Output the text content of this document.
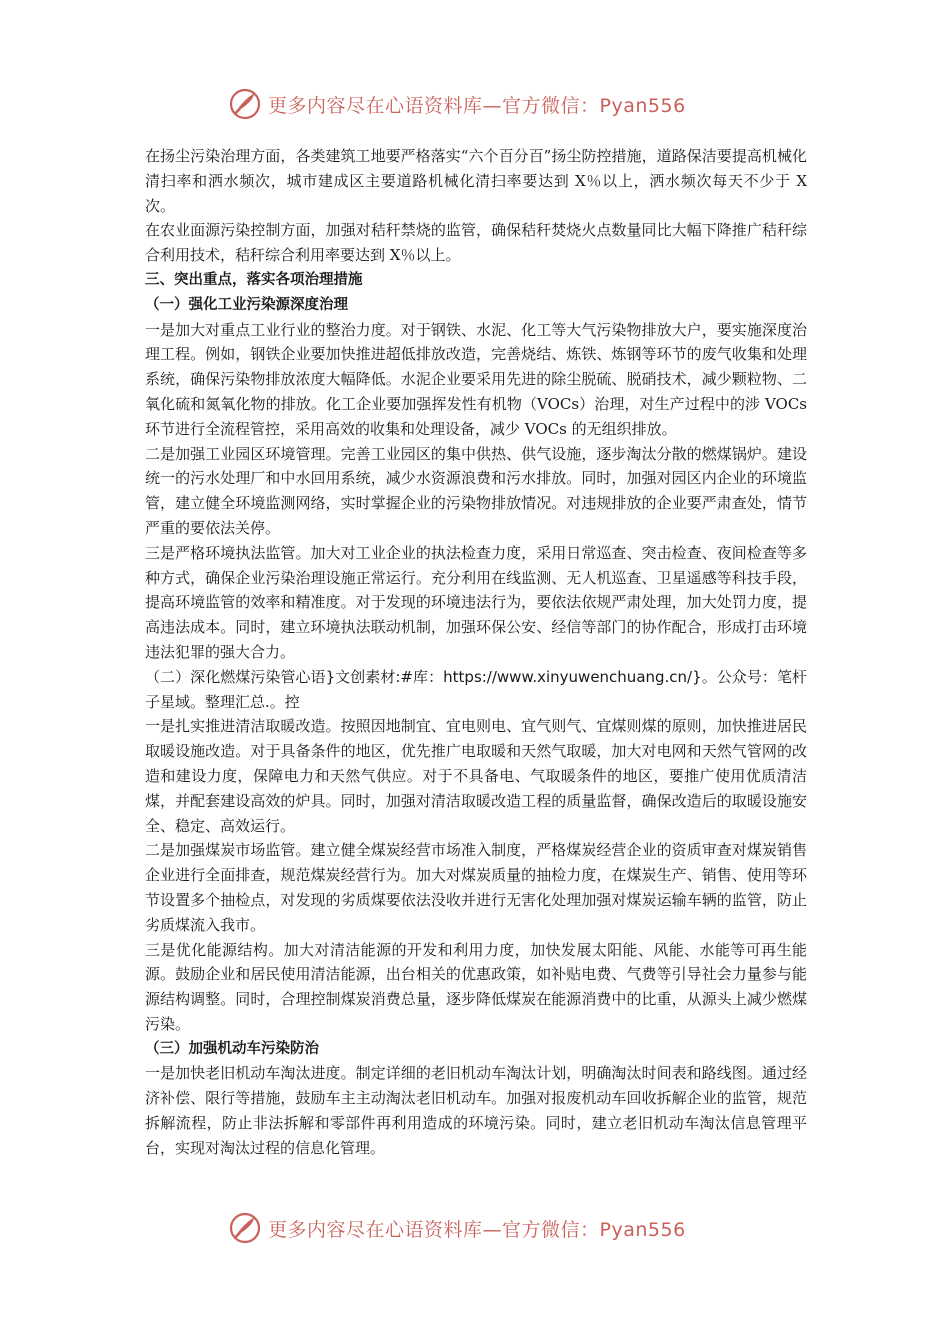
更多内容尽在心语资料库—官方微信：Pyan556

在扬尘污染治理方面，各类建筑工地要严格落实“六个百分百”扬尘防控措施，道路保洁要提高机械化清扫率和洒水频次，城市建成区主要道路机械化清扫率要达到 X％以上，洒水频次每天不少于 X 次。

在农业面源污染控制方面，加强对秸秆禁烧的监管，确保秸秆焚烧火点数量同比大幅下降推广秸秆综合利用技术，秸秆综合利用率要达到 X％以上。

三、突出重点，落实各项治理措施

（一）强化工业污染源深度治理

一是加大对重点工业行业的整治力度。对于钢铁、水泥、化工等大气污染物排放大户，要实施深度治理工程。例如，钢铁企业要加快推进超低排放改造，完善烧结、炼铁、炼钢等环节的废气收集和处理系统，确保污染物排放浓度大幅降低。水泥企业要采用先进的除尘脱硫、脱硝技术，减少颗粒物、二氧化硫和氮氧化物的排放。化工企业要加强挥发性有机物（VOCs）治理，对生产过程中的涉 VOCs 环节进行全流程管控，采用高效的收集和处理设备，减少 VOCs 的无组织排放。

二是加强工业园区环境管理。完善工业园区的集中供热、供气设施，逐步淘汰分散的燃煤锅炉。建设统一的污水处理厂和中水回用系统，减少水资源浪费和污水排放。同时，加强对园区内企业的环境监管，建立健全环境监测网络，实时掌握企业的污染物排放情况。对违规排放的企业要严肃查处，情节严重的要依法关停。

三是严格环境执法监管。加大对工业企业的执法检查力度，采用日常巡查、突击检查、夜间检查等多种方式，确保企业污染治理设施正常运行。充分利用在线监测、无人机巡查、卫星遥感等科技手段，提高环境监管的效率和精准度。对于发现的环境违法行为，要依法依规严肃处理，加大处罚力度，提高违法成本。同时，建立环境执法联动机制，加强环保公安、经信等部门的协作配合，形成打击环境违法犯罪的强大合力。

（二）深化燃煤污染管心语}文创素材:#库：https://www.xinyuwenchuang.cn/}。公众号：笔杆子星域。整理汇总.。控

一是扎实推进清洁取暖改造。按照因地制宜、宜电则电、宜气则气、宜煤则煤的原则，加快推进居民取暖设施改造。对于具备条件的地区，优先推广电取暖和天然气取暖，加大对电网和天然气管网的改造和建设力度，保障电力和天然气供应。对于不具备电、气取暖条件的地区，要推广使用优质清洁煤，并配套建设高效的炉具。同时，加强对清洁取暖改造工程的质量监督，确保改造后的取暖设施安全、稳定、高效运行。

二是加强煤炭市场监管。建立健全煤炭经营市场准入制度，严格煤炭经营企业的资质审查对煤炭销售企业进行全面排查，规范煤炭经营行为。加大对煤炭质量的抽检力度，在煤炭生产、销售、使用等环节设置多个抽检点，对发现的劣质煤要依法没收并进行无害化处理加强对煤炭运输车辆的监管，防止劣质煤流入我市。

三是优化能源结构。加大对清洁能源的开发和利用力度，加快发展太阳能、风能、水能等可再生能源。鼓励企业和居民使用清洁能源，出台相关的优惠政策，如补贴电费、气费等引导社会力量参与能源结构调整。同时，合理控制煤炭消费总量，逐步降低煤炭在能源消费中的比重，从源头上减少燃煤污染。

（三）加强机动车污染防治

一是加快老旧机动车淘汰进度。制定详细的老旧机动车淘汰计划，明确淘汰时间表和路线图。通过经济补偿、限行等措施，鼓励车主主动淘汰老旧机动车。加强对报废机动车回收拆解企业的监管，规范拆解流程，防止非法拆解和零部件再利用造成的环境污染。同时，建立老旧机动车淘汰信息管理平台，实现对淘汰过程的信息化管理。

更多内容尽在心语资料库—官方微信：Pyan556
